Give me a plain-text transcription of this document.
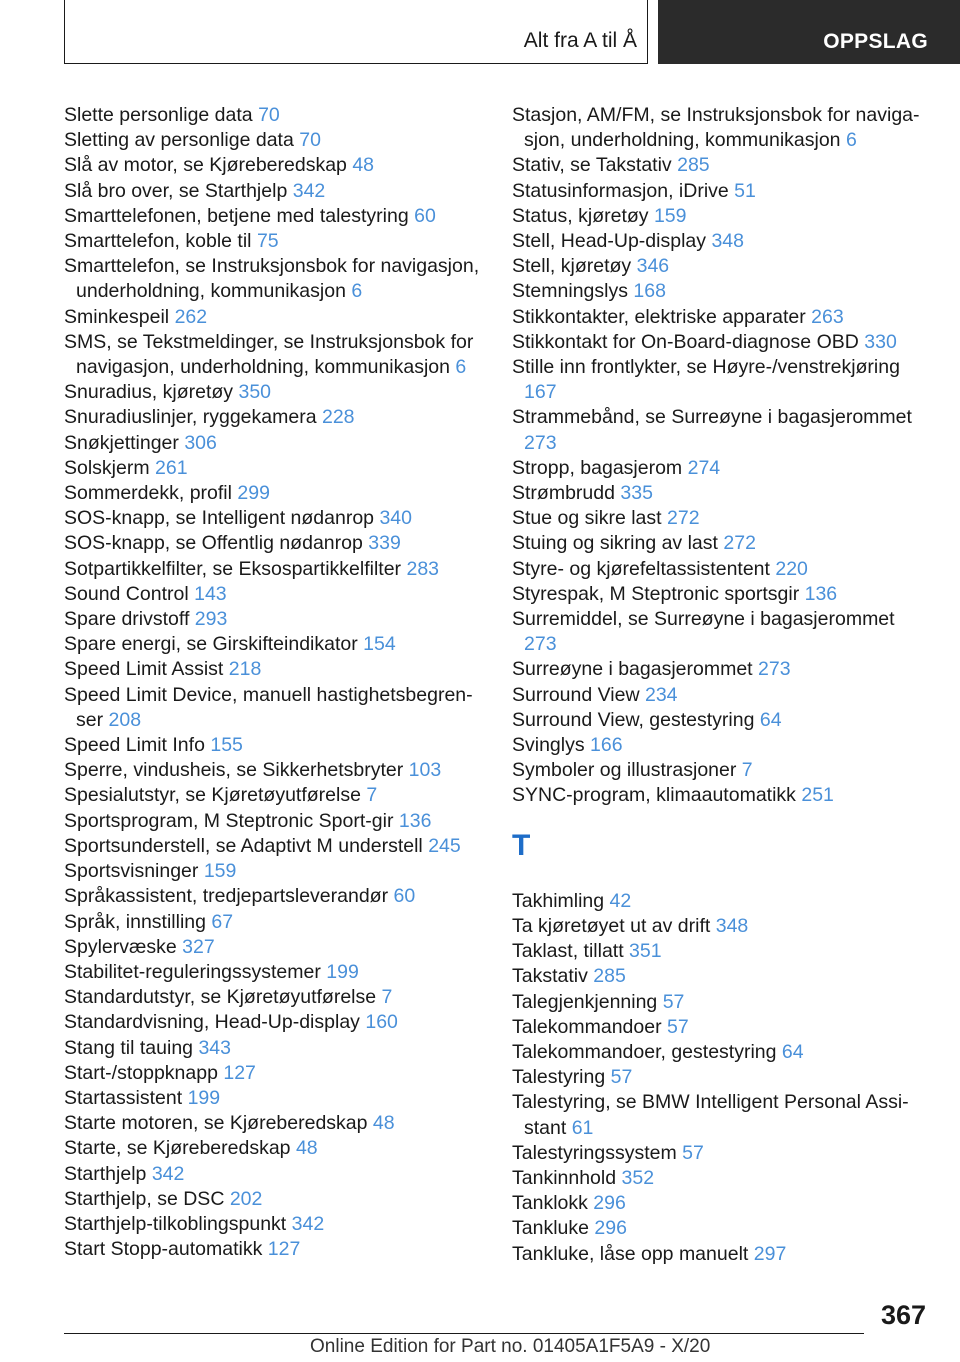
Alt fra A til Å	OPPSLAG
Slette personlige data 70
Sletting av personlige data 70
Slå av motor, se Kjøreberedskap 48
Slå bro over, se Starthjelp 342
Smarttelefonen, betjene med talestyring 60
Smarttelefon, koble til 75
Smarttelefon, se Instruksjonsbok for navigasjon, underholdning, kommunikasjon 6
Sminkespeil 262
SMS, se Tekstmeldinger, se Instruksjonsbok for navigasjon, underholdning, kommunikasjon 6
Snuradius, kjøretøy 350
Snuradiuslinjer, ryggekamera 228
Snøkjettinger 306
Solskjerm 261
Sommerdekk, profil 299
SOS-knapp, se Intelligent nødanrop 340
SOS-knapp, se Offentlig nødanrop 339
Sotpartikkelfilter, se Eksospartikkelfilter 283
Sound Control 143
Spare drivstoff 293
Spare energi, se Girskifteindikator 154
Speed Limit Assist 218
Speed Limit Device, manuell hastighetsbegrenser 208
Speed Limit Info 155
Sperre, vindusheis, se Sikkerhetsbryter 103
Spesialutstyr, se Kjøretøyutførelse 7
Sportsprogram, M Steptronic Sport-gir 136
Sportsunderstell, se Adaptivt M understell 245
Sportsvisninger 159
Språkassistent, tredjepartsleverandør 60
Språk, innstilling 67
Spylervæske 327
Stabilitet-reguleringssystemer 199
Standardutstyr, se Kjøretøyutførelse 7
Standardvisning, Head-Up-display 160
Stang til tauing 343
Start-/stoppknapp 127
Startassistent 199
Starte motoren, se Kjøreberedskap 48
Starte, se Kjøreberedskap 48
Starthjelp 342
Starthjelp, se DSC 202
Starthjelp-tilkoblingspunkt 342
Start Stopp-automatikk 127
Stasjon, AM/FM, se Instruksjonsbok for navigasjon, underholdning, kommunikasjon 6
Stativ, se Takstativ 285
Statusinformasjon, iDrive 51
Status, kjøretøy 159
Stell, Head-Up-display 348
Stell, kjøretøy 346
Stemningslys 168
Stikkontakter, elektriske apparater 263
Stikkontakt for On-Board-diagnose OBD 330
Stille inn frontlykter, se Høyre-/venstrekjøring 167
Strammebånd, se Surreøyne i bagasjerommet 273
Stropp, bagasjerom 274
Strømbrudd 335
Stue og sikre last 272
Stuing og sikring av last 272
Styre- og kjørefeltassistentent 220
Styrespak, M Steptronic sportsgir 136
Surremiddel, se Surreøyne i bagasjerommet 273
Surreøyne i bagasjerommet 273
Surround View 234
Surround View, gestestyring 64
Svinglys 166
Symboler og illustrasjoner 7
SYNC-program, klimaautomatikk 251
T
Takhimling 42
Ta kjøretøyet ut av drift 348
Taklast, tillatt 351
Takstativ 285
Talegjenkjenning 57
Talekommandoer 57
Talekommandoer, gestestyring 64
Talestyring 57
Talestyring, se BMW Intelligent Personal Assistant 61
Talestyringssystem 57
Tankinnhold 352
Tanklokk 296
Tankluke 296
Tankluke, låse opp manuelt 297
367
Online Edition for Part no. 01405A1F5A9 - X/20
